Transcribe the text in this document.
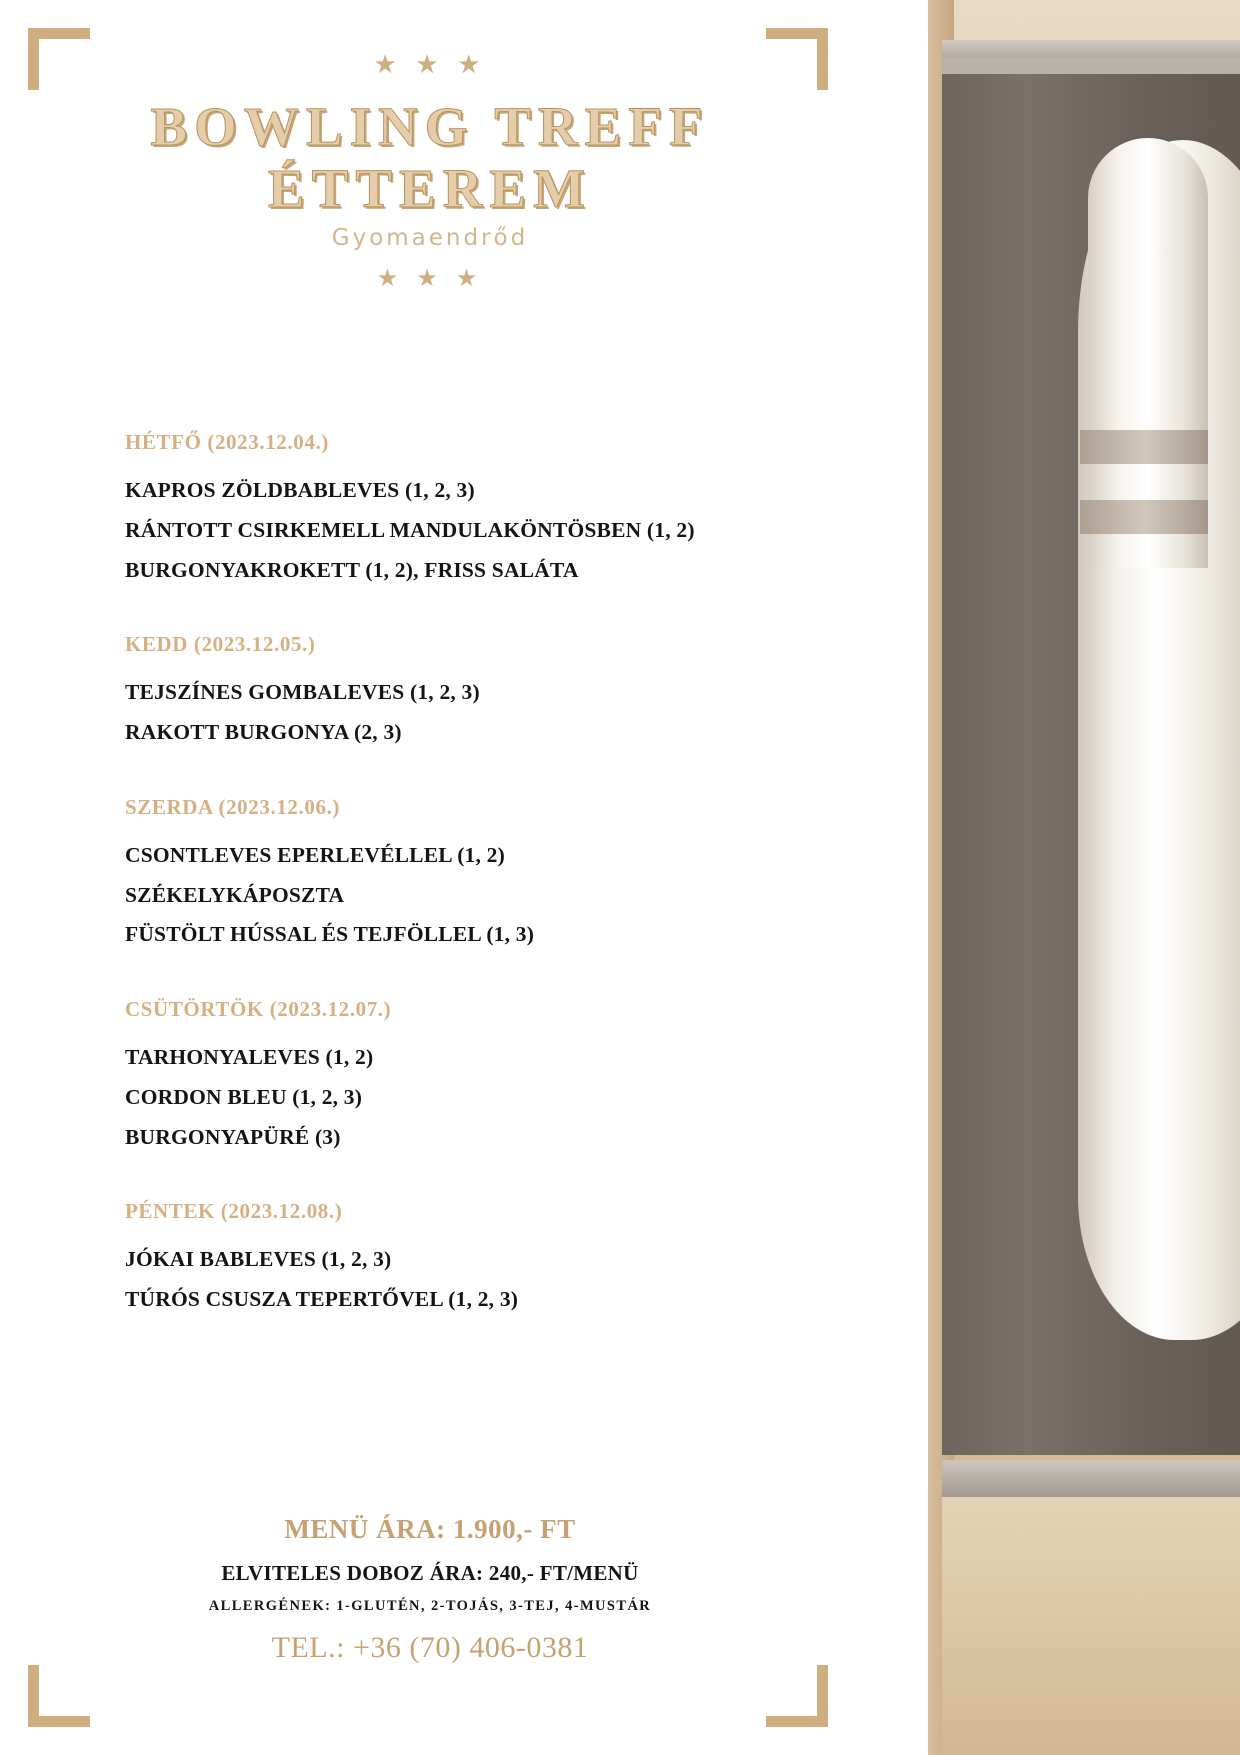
★ ★ ★
BOWLING TREFF
ÉTTEREM
Gyomaendrőd
★ ★ ★
HÉTFŐ (2023.12.04.)
KAPROS ZÖLDBABLEVES (1, 2, 3)
RÁNTOTT CSIRKEMELL MANDULAKÖNTÖSBEN (1, 2)
BURGONYAKROKETT (1, 2), FRISS SALÁTA
KEDD (2023.12.05.)
TEJSZÍNES GOMBALEVES (1, 2, 3)
RAKOTT BURGONYA (2, 3)
SZERDA (2023.12.06.)
CSONTLEVES EPERLEVÉLLEL (1, 2)
SZÉKELYKÁPOSZTA
FÜSTÖLT HÚSSAL ÉS TEJFÖLLEL (1, 3)
CSÜTÖRTÖK (2023.12.07.)
TARHONYALEVES (1, 2)
CORDON BLEU (1, 2, 3)
BURGONYAPÜRÉ (3)
PÉNTEK (2023.12.08.)
JÓKAI BABLEVES (1, 2, 3)
TÚRÓS CSUSZA TEPERTŐVEL (1, 2, 3)
MENÜ ÁRA: 1.900,- FT
ELVITELES DOBOZ ÁRA: 240,- FT/MENÜ
ALLERGÉNEK: 1-GLUTÉN, 2-TOJÁS, 3-TEJ, 4-MUSTÁR
TEL.: +36 (70) 406-0381
